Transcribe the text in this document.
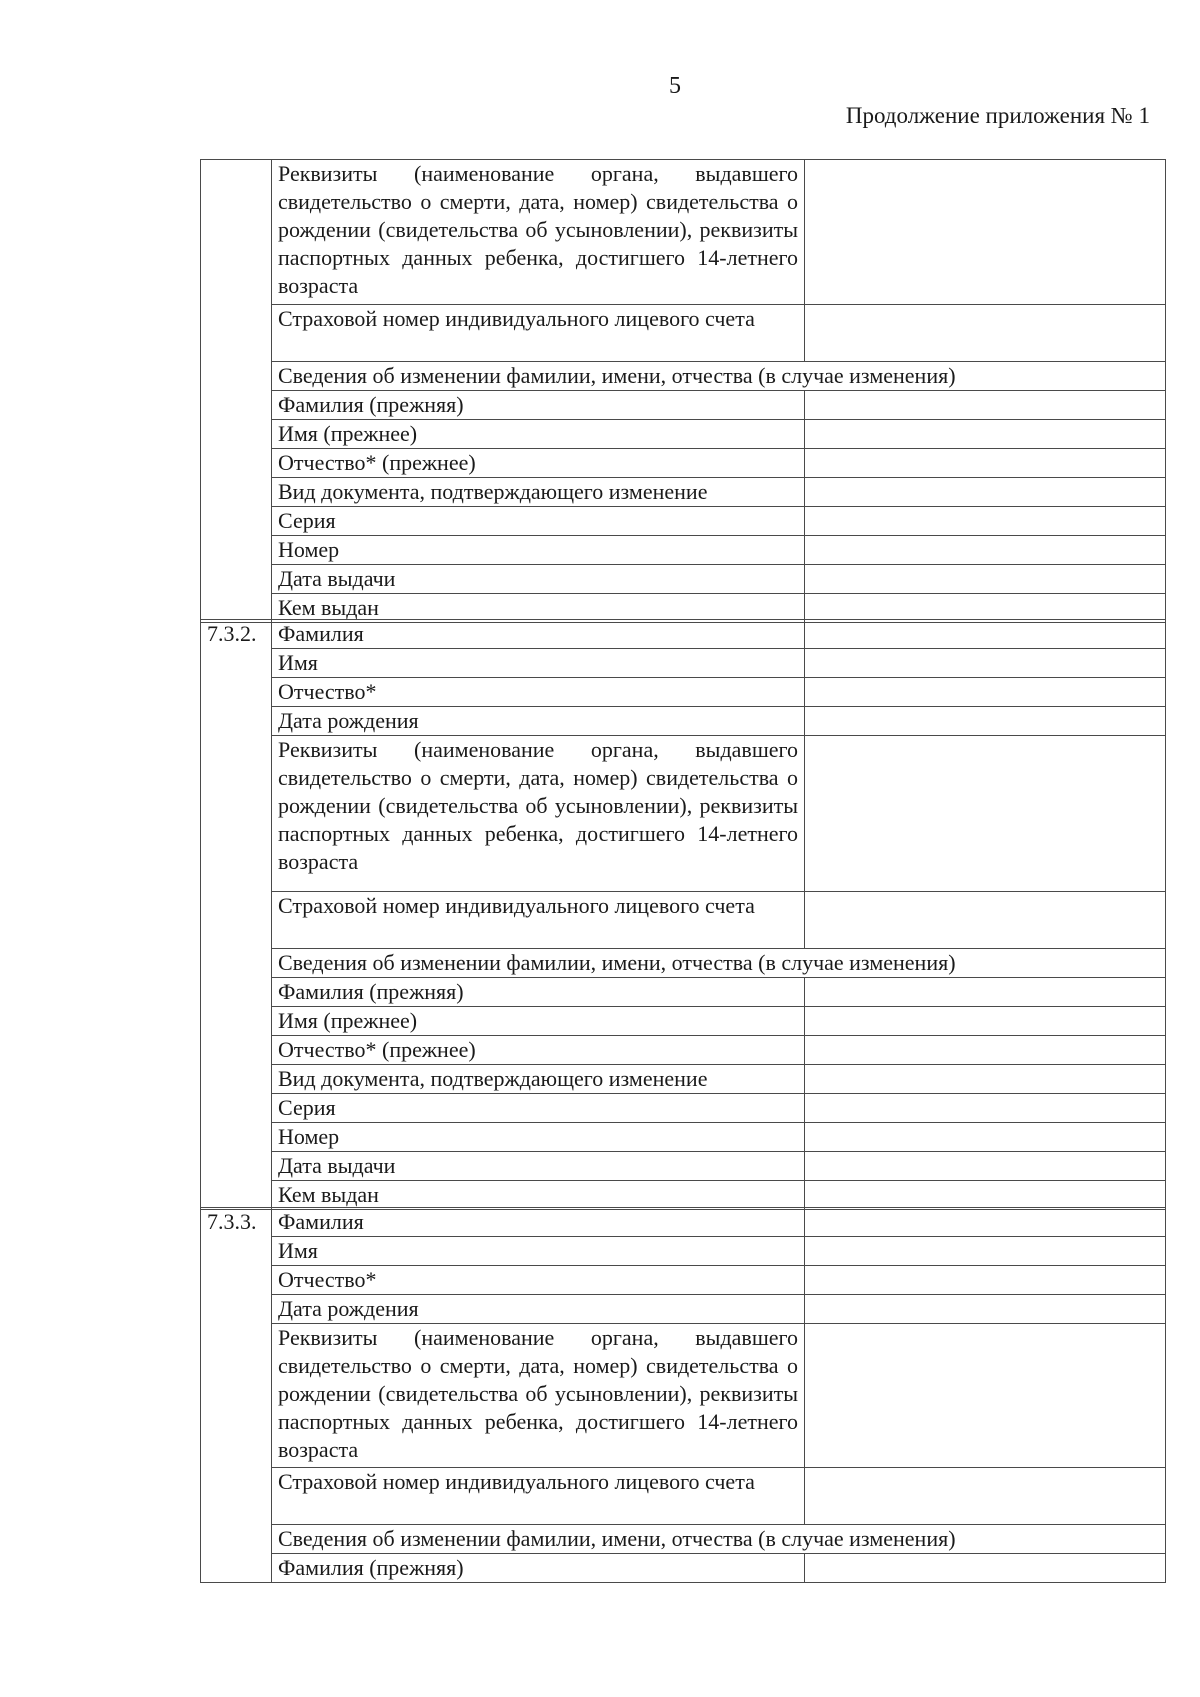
5
Продолжение приложения № 1
	Реквизиты (наименование органа, выдавшего свидетельство о смерти, дата, номер) свидетельства о рождении (свидетельства об усыновлении), реквизиты паспортных данных ребенка, достигшего 14-летнего возраста	
	Страховой номер индивидуального лицевого счета	
	Сведения об изменении фамилии, имени, отчества (в случае изменения)	
	Фамилия (прежняя)	
	Имя (прежнее)	
	Отчество* (прежнее)	
	Вид документа, подтверждающего изменение	
	Серия	
	Номер	
	Дата выдачи	
	Кем выдан	
7.3.2.	Фамилия	
	Имя	
	Отчество*	
	Дата рождения	
	Реквизиты (наименование органа, выдавшего свидетельство о смерти, дата, номер) свидетельства о рождении (свидетельства об усыновлении), реквизиты паспортных данных ребенка, достигшего 14-летнего возраста	
	Страховой номер индивидуального лицевого счета	
	Сведения об изменении фамилии, имени, отчества (в случае изменения)	
	Фамилия (прежняя)	
	Имя (прежнее)	
	Отчество* (прежнее)	
	Вид документа, подтверждающего изменение	
	Серия	
	Номер	
	Дата выдачи	
	Кем выдан	
7.3.3.	Фамилия	
	Имя	
	Отчество*	
	Дата рождения	
	Реквизиты (наименование органа, выдавшего свидетельство о смерти, дата, номер) свидетельства о рождении (свидетельства об усыновлении), реквизиты паспортных данных ребенка, достигшего 14-летнего возраста	
	Страховой номер индивидуального лицевого счета	
	Сведения об изменении фамилии, имени, отчества (в случае изменения)	
	Фамилия (прежняя)	
